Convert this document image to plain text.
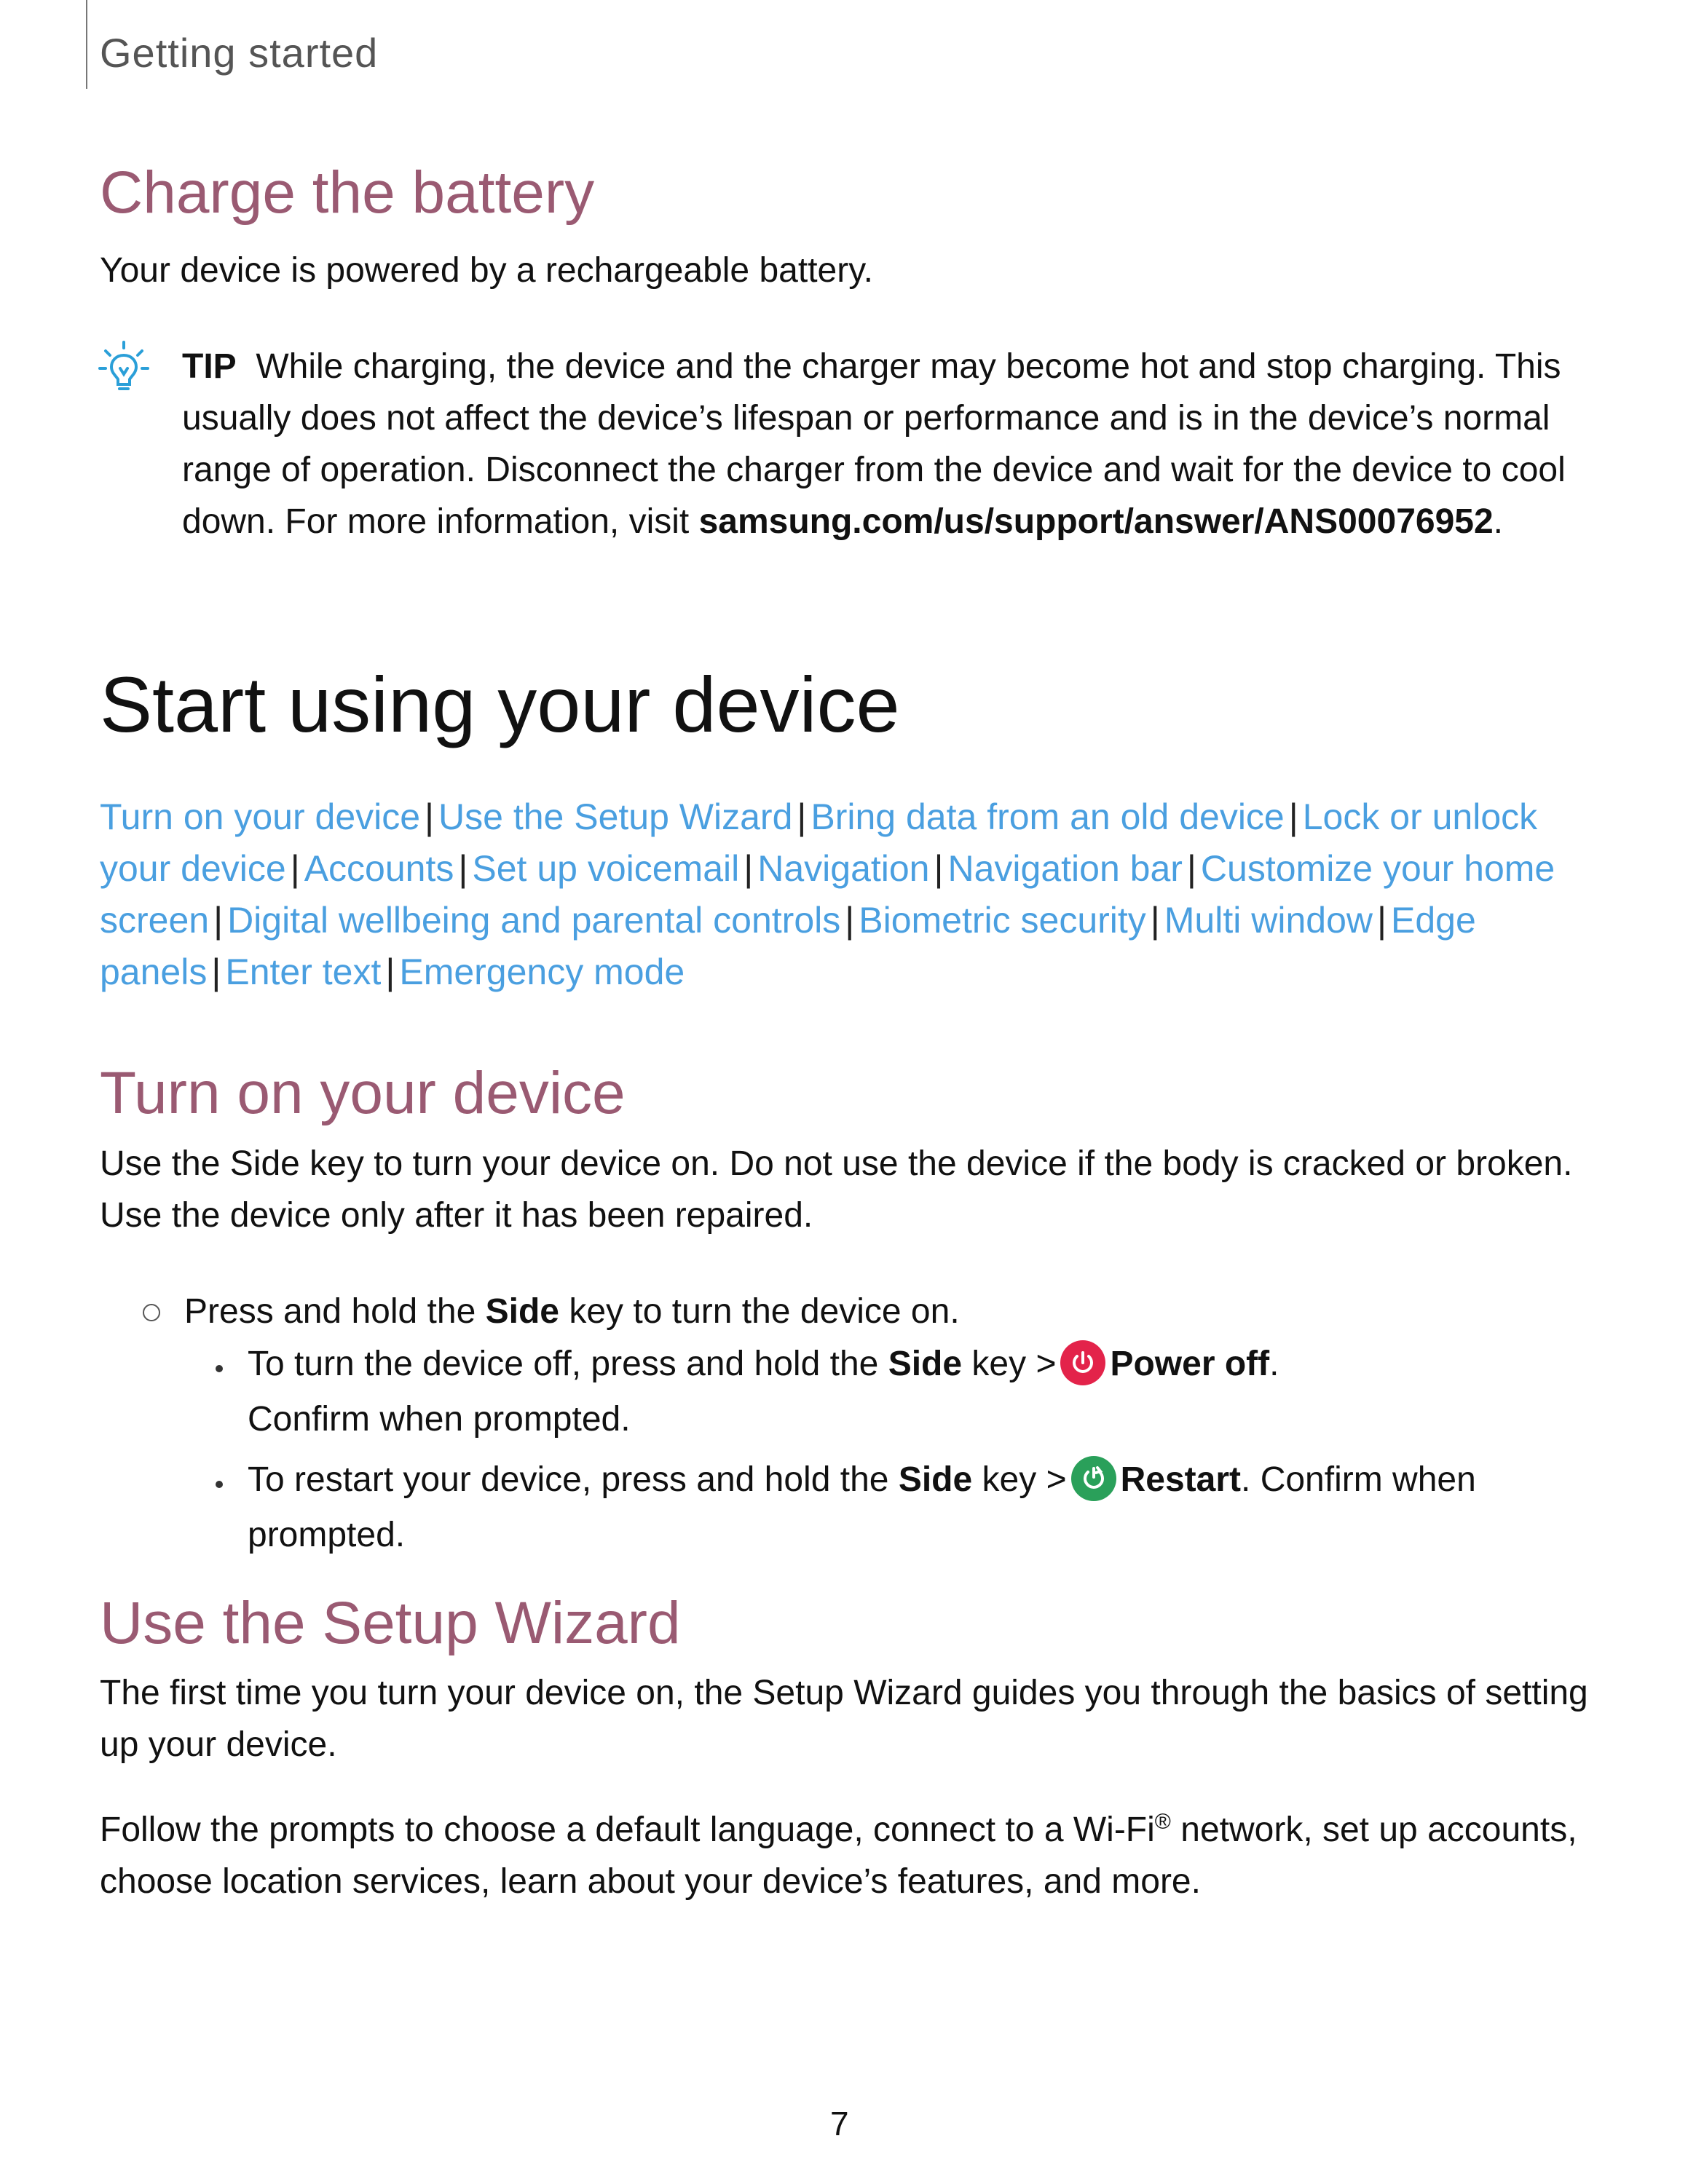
Getting started
Charge the battery

Your device is powered by a rechargeable battery.

TIP While charging, the device and the charger may become hot and stop charging. This usually does not affect the device’s lifespan or performance and is in the device’s normal range of operation. Disconnect the charger from the device and wait for the device to cool down. For more information, visit samsung.com/us/support/answer/ANS00076952.

Start using your device

Turn on your device | Use the Setup Wizard | Bring data from an old device | Lock or unlock your device | Accounts | Set up voicemail | Navigation | Navigation bar | Customize your home screen | Digital wellbeing and parental controls | Biometric security | Multi window | Edge panels | Enter text | Emergency mode

Turn on your device

Use the Side key to turn your device on. Do not use the device if the body is cracked or broken. Use the device only after it has been repaired.

Press and hold the Side key to turn the device on.

To turn the device off, press and hold the Side key > Power off.
Confirm when prompted.

To restart your device, press and hold the Side key > Restart. Confirm when prompted.

Use the Setup Wizard

The first time you turn your device on, the Setup Wizard guides you through the basics of setting up your device.

Follow the prompts to choose a default language, connect to a Wi-Fi® network, set up accounts, choose location services, learn about your device’s features, and more.

7
